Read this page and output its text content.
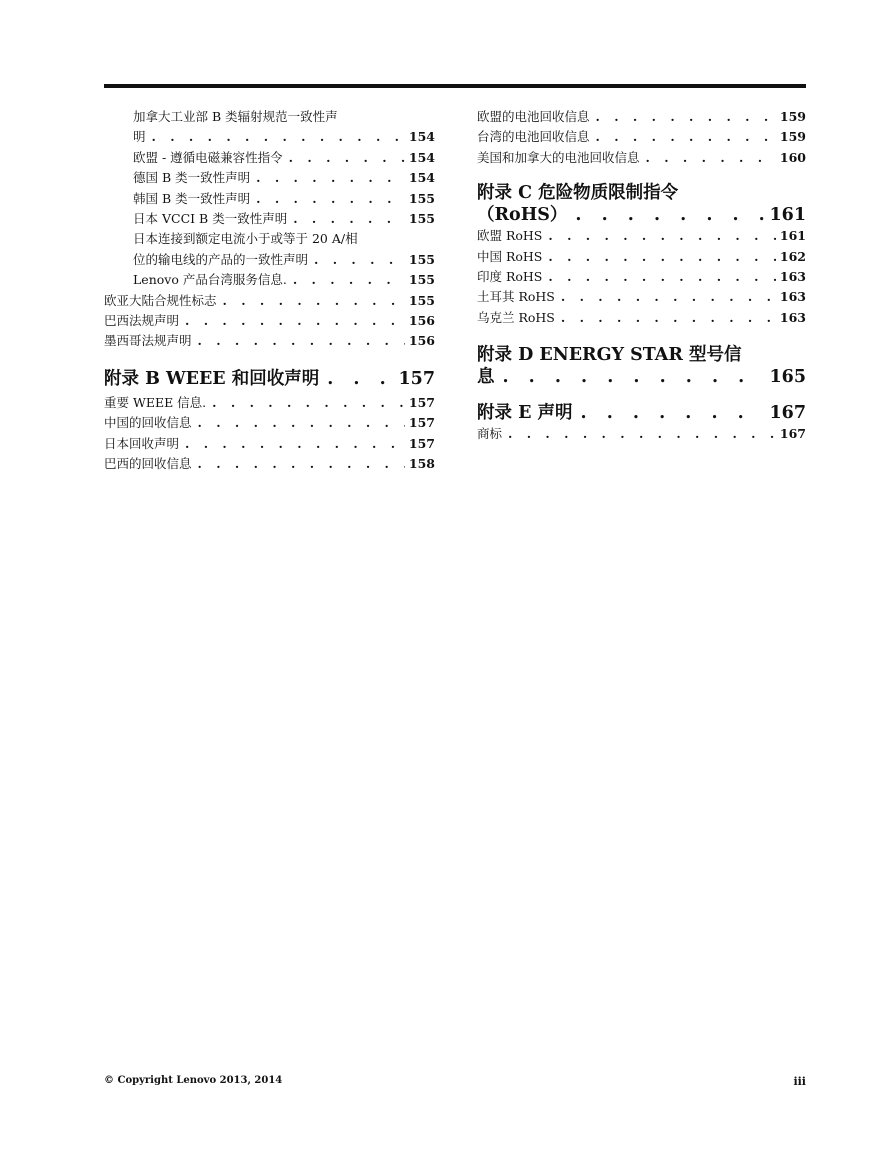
加拿大工业部 B 类辐射规范一致性声
明 . . .	154
欧盟 - 遵循电磁兼容性指令 . . .	154
德国 B 类一致性声明 . . .	154
韩国 B 类一致性声明 . . .	155
日本 VCCI B 类一致性声明 . . .	155
日本连接到额定电流小于或等于 20 A/相
位的输电线的产品的一致性声明 . . .	155
Lenovo 产品台湾服务信息. . . .	155
欧亚大陆合规性标志 . . .	155
巴西法规声明 . . .	156
墨西哥法规声明 . . .	156
附录 B WEEE 和回收声明 . . .	157
重要 WEEE 信息. . . .	157
中国的回收信息 . . .	157
日本回收声明 . . .	157
巴西的回收信息 . . .	158
欧盟的电池回收信息 . . .	159
台湾的电池回收信息 . . .	159
美国和加拿大的电池回收信息 . . .	160
附录 C 危险物质限制指令
（RoHS） . . .	161
欧盟 RoHS . . .	161
中国 RoHS . . .	162
印度 RoHS . . .	163
土耳其 RoHS . . .	163
乌克兰 RoHS . . .	163
附录 D ENERGY STAR 型号信
息 . . .	165
附录 E 声明 . . .	167
商标 . . .	167
© Copyright Lenovo 2013, 2014	iii
